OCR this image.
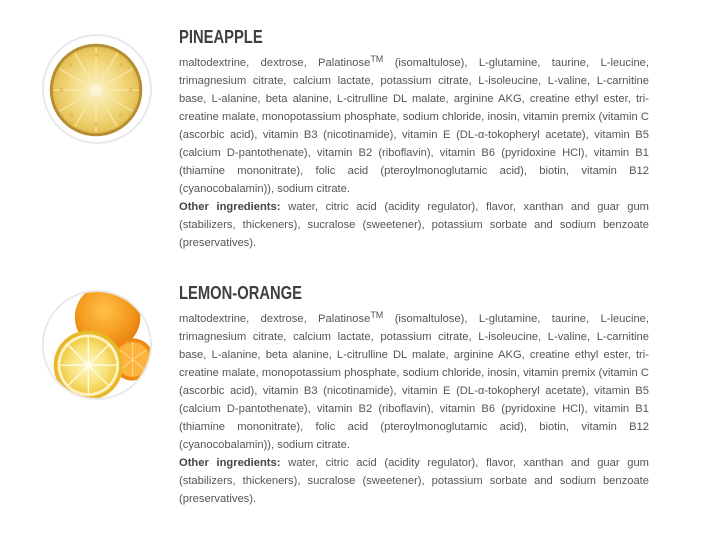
PINEAPPLE

maltodextrine, dextrose, Palatinose™ (isomaltulose), L-glutamine, taurine, L-leucine, trimagnesium citrate, calcium lactate, potassium citrate, L-isoleucine, L-valine, L-carnitine base, L-alanine, beta alanine, L-citrulline DL malate, arginine AKG, creatine ethyl ester, tri-creatine malate, monopotassium phosphate, sodium chloride, inosin, vitamin premix (vitamin C (ascorbic acid), vitamin B3 (nicotinamide), vitamin E (DL-α-tokopheryl acetate), vitamin B5 (calcium D-pantothenate), vitamin B2 (riboflavin), vitamin B6 (pyridoxine HCl), vitamin B1 (thiamine mononitrate), folic acid (pteroylmonoglutamic acid), biotin, vitamin B12 (cyanocobalamin)), sodium citrate.

Other ingredients: water, citric acid (acidity regulator), flavor, xanthan and guar gum (stabilizers, thickeners), sucralose (sweetener), potassium sorbate and sodium benzoate (preservatives).

LEMON-ORANGE

maltodextrine, dextrose, Palatinose™ (isomaltulose), L-glutamine, taurine, L-leucine, trimagnesium citrate, calcium lactate, potassium citrate, L-isoleucine, L-valine, L-carnitine base, L-alanine, beta alanine, L-citrulline DL malate, arginine AKG, creatine ethyl ester, tri-creatine malate, monopotassium phosphate, sodium chloride, inosin, vitamin premix (vitamin C (ascorbic acid), vitamin B3 (nicotinamide), vitamin E (DL-α-tokopheryl acetate), vitamin B5 (calcium D-pantothenate), vitamin B2 (riboflavin), vitamin B6 (pyridoxine HCl), vitamin B1 (thiamine mononitrate), folic acid (pteroylmonoglutamic acid), biotin, vitamin B12 (cyanocobalamin)), sodium citrate.

Other ingredients: water, citric acid (acidity regulator), flavor, xanthan and guar gum (stabilizers, thickeners), sucralose (sweetener), potassium sorbate and sodium benzoate (preservatives).
